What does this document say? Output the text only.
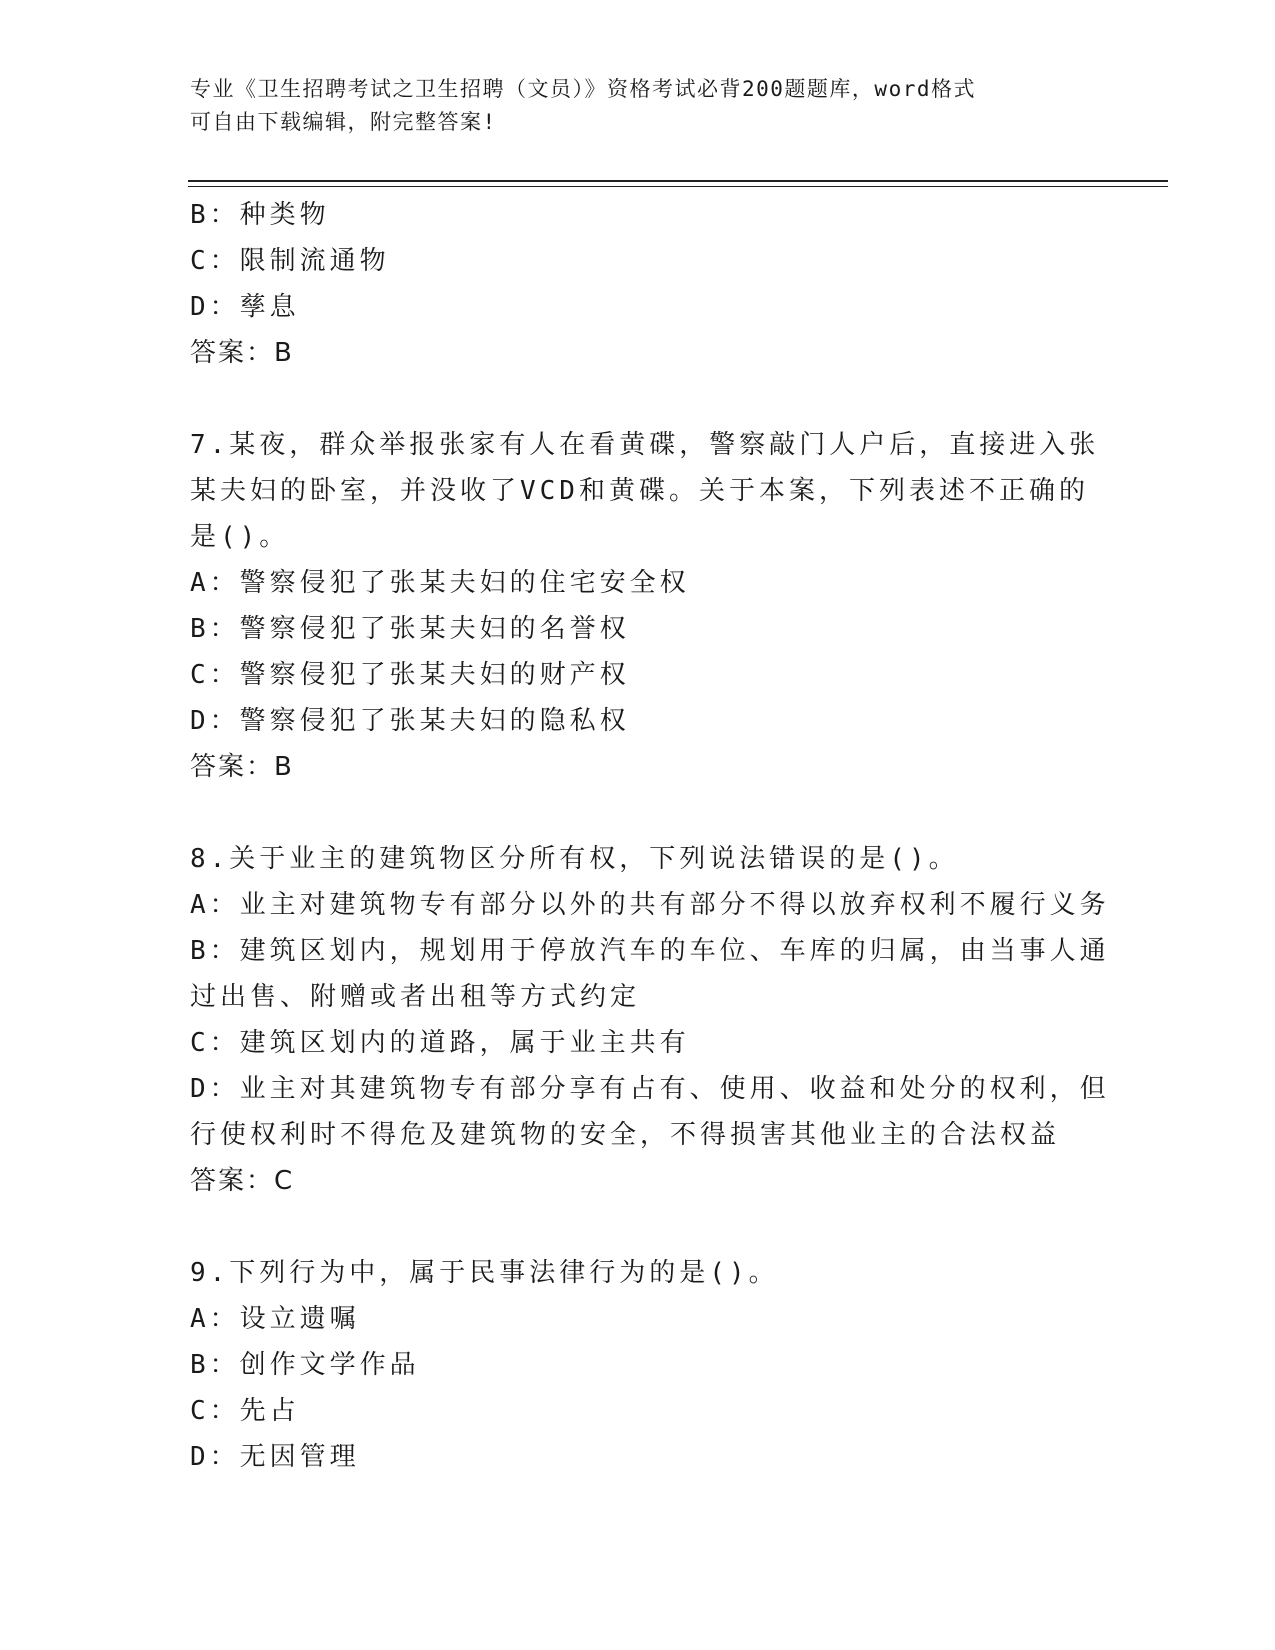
专业《卫生招聘考试之卫生招聘（文员）》资格考试必背200题题库，word格式
可自由下载编辑，附完整答案!
B：种类物
C：限制流通物
D：孳息
答案：B
7.某夜，群众举报张家有人在看黄碟，警察敲门人户后，直接进入张
某夫妇的卧室，并没收了VCD和黄碟。关于本案，下列表述不正确的
是()。
A：警察侵犯了张某夫妇的住宅安全权
B：警察侵犯了张某夫妇的名誉权
C：警察侵犯了张某夫妇的财产权
D：警察侵犯了张某夫妇的隐私权
答案：B
8.关于业主的建筑物区分所有权，下列说法错误的是()。
A：业主对建筑物专有部分以外的共有部分不得以放弃权利不履行义务
B：建筑区划内，规划用于停放汽车的车位、车库的归属，由当事人通
过出售、附赠或者出租等方式约定
C：建筑区划内的道路，属于业主共有
D：业主对其建筑物专有部分享有占有、使用、收益和处分的权利，但
行使权利时不得危及建筑物的安全，不得损害其他业主的合法权益
答案：C
9.下列行为中，属于民事法律行为的是()。
A：设立遗嘱
B：创作文学作品
C：先占
D：无因管理
